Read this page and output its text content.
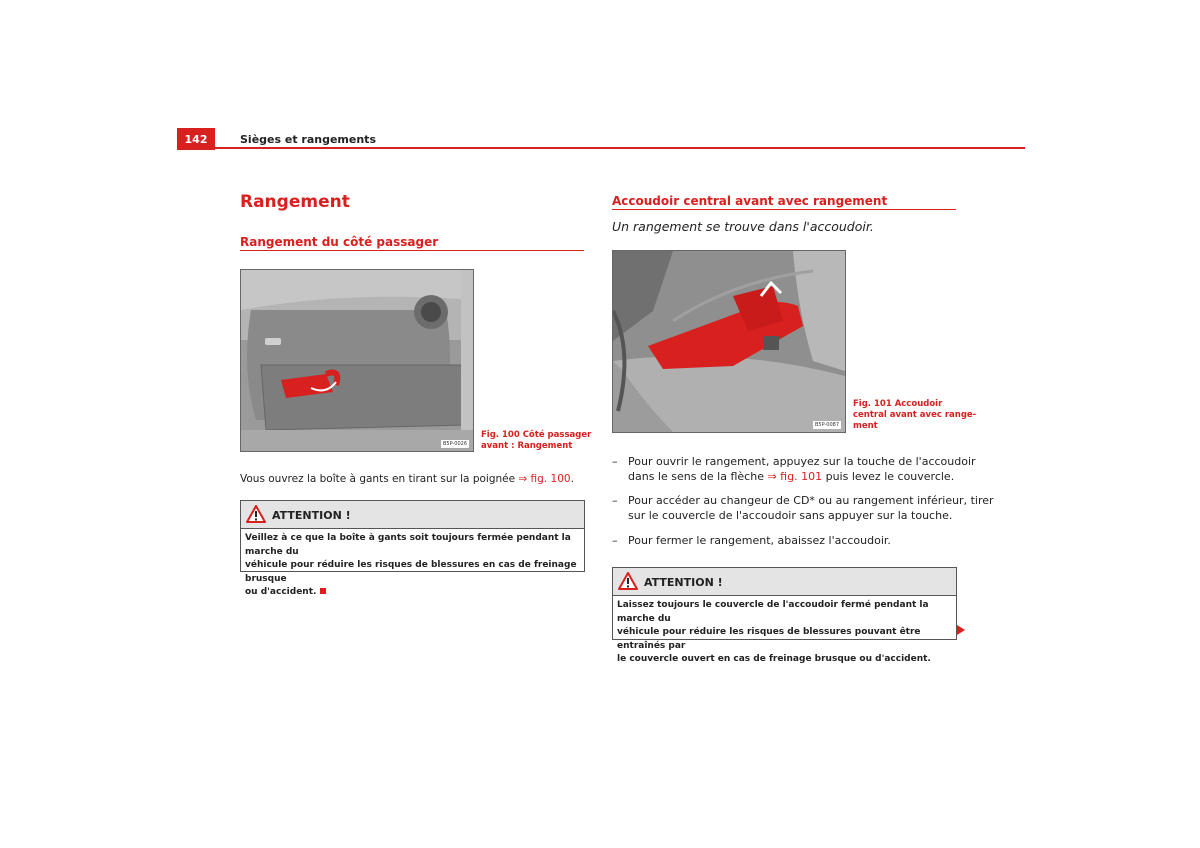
142	Sièges et rangements
Rangement
Rangement du côté passager
B5P-0026
Fig. 100 Côté passager
avant : Rangement
Vous ouvrez la boîte à gants en tirant sur la poignée ⇒ fig. 100.
ATTENTION !
Veillez à ce que la boîte à gants soit toujours fermée pendant la marche du
véhicule pour réduire les risques de blessures en cas de freinage brusque
ou d'accident.
Accoudoir central avant avec rangement
Un rangement se trouve dans l'accoudoir.
B5P-0087
Fig. 101 Accoudoir
central avant avec range-
ment
– Pour ouvrir le rangement, appuyez sur la touche de l'accoudoir
dans le sens de la flèche ⇒ fig. 101 puis levez le couvercle.
– Pour accéder au changeur de CD* ou au rangement inférieur, tirer
sur le couvercle de l'accoudoir sans appuyer sur la touche.
– Pour fermer le rangement, abaissez l'accoudoir.
ATTENTION !
Laissez toujours le couvercle de l'accoudoir fermé pendant la marche du
véhicule pour réduire les risques de blessures pouvant être entraînés par
le couvercle ouvert en cas de freinage brusque ou d'accident.
